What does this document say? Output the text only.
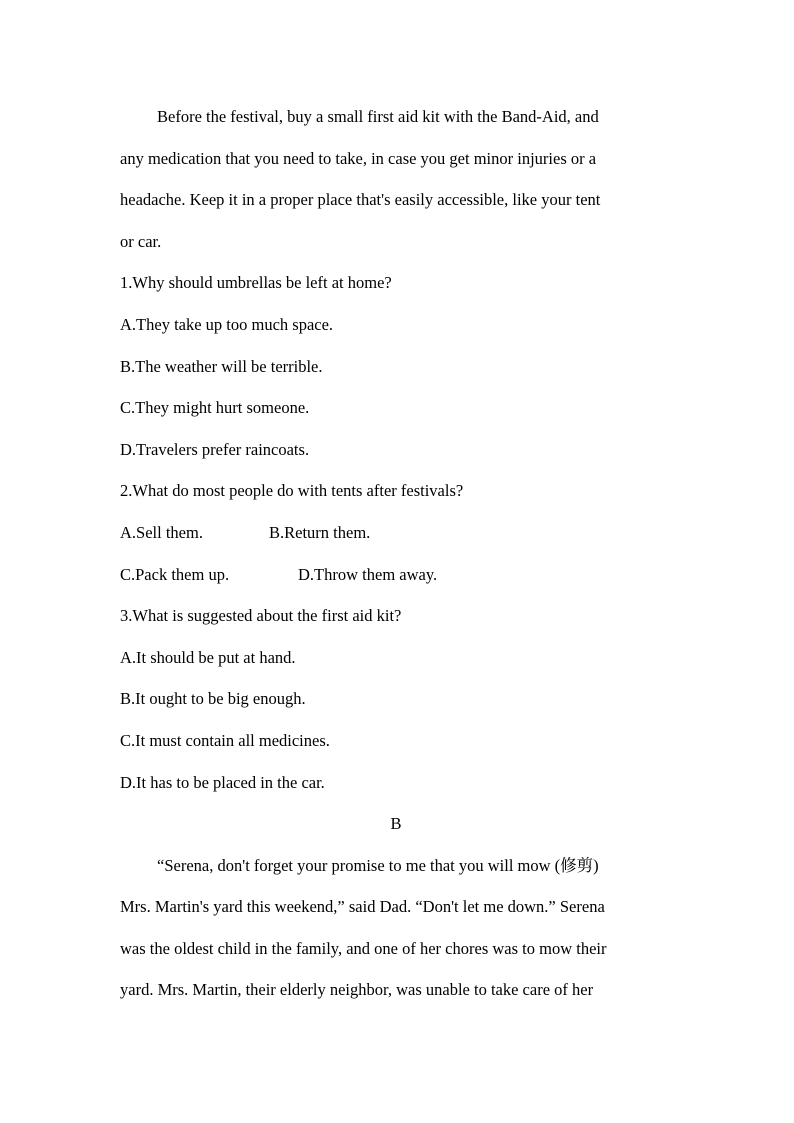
Before the festival, buy a small first aid kit with the Band-Aid, and
any medication that you need to take, in case you get minor injuries or a
headache. Keep it in a proper place that's easily accessible, like your tent
or car.
1.Why should umbrellas be left at home?
A.They take up too much space.
B.The weather will be terrible.
C.They might hurt someone.
D.Travelers prefer raincoats.
2.What do most people do with tents after festivals?
A.Sell them.	B.Return them.
C.Pack them up.	D.Throw them away.
3.What is suggested about the first aid kit?
A.It should be put at hand.
B.It ought to be big enough.
C.It must contain all medicines.
D.It has to be placed in the car.
B
“Serena, don't forget your promise to me that you will mow (修剪)
Mrs. Martin's yard this weekend,” said Dad. “Don't let me down.” Serena
was the oldest child in the family, and one of her chores was to mow their
yard. Mrs. Martin, their elderly neighbor, was unable to take care of her
